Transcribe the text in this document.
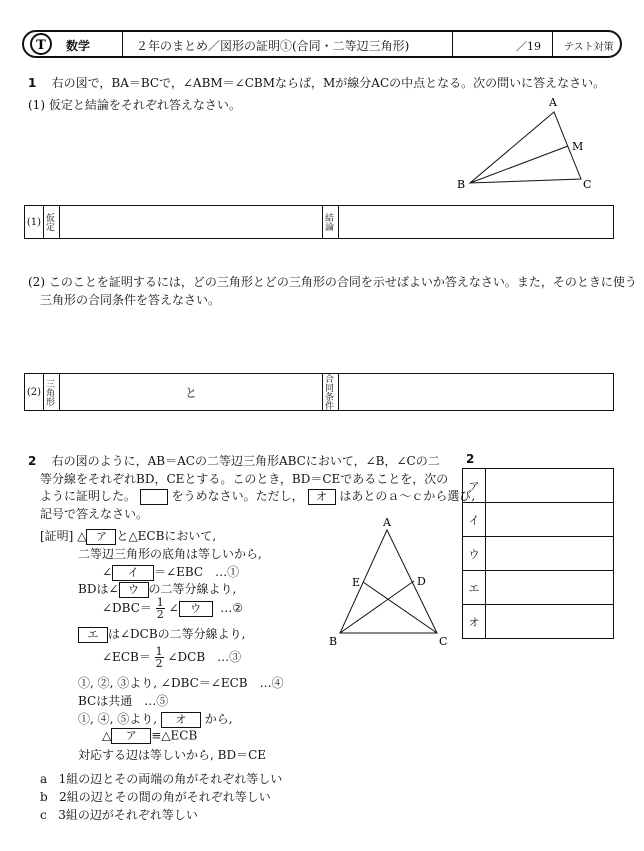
T 数学	２年のまとめ／図形の証明①(合同・二等辺三角形)	／19 テスト対策
1 右の図で，BA＝BCで，∠ABM＝∠CBMならば，Mが線分ACの中点となる。次の問いに答えなさい。
(1) 仮定と結論をそれぞれ答えなさい。	A
B	C
M
(1)	仮定		結論

(2) このことを証明するには，どの三角形とどの三角形の合同を示せばよいか答えなさい。また，そのときに使う
三角形の合同条件を答えなさい。
(2)	三角形	と	合同条件

2 右の図のように，AB＝ACの二等辺三角形ABCにおいて，∠B，∠Cの二
等分線をそれぞれBD，CEとする。このとき，BD＝CEであることを，次の
ように証明した。	をうめなさい。ただし， オ はあとのａ～ｃから選び,
記号で答えなさい。
[証明] △ ア と△ECBにおいて,
二等辺三角形の底角は等しいから,
∠ イ ＝∠EBC　…①
BDは∠ ウ の二等分線より,
∠DBC＝ $\frac{1}{2}$ ∠ ウ …②
エ は∠DCBの二等分線より,
∠ECB＝ $\frac{1}{2}$ ∠DCB　…③
①, ②, ③より, ∠DBC＝∠ECB　…④
BCは共通　…⑤
①, ④, ⑤より, オ から,
△ ア ≡△ECB
対応する辺は等しいから, BD＝CE
a 1組の辺とその両端の角がそれぞれ等しい
b 2組の辺とその間の角がそれぞれ等しい
c 3組の辺がそれぞれ等しい
A
B	C
D
E
2
ア	
イ	
ウ	
エ	
オ	
